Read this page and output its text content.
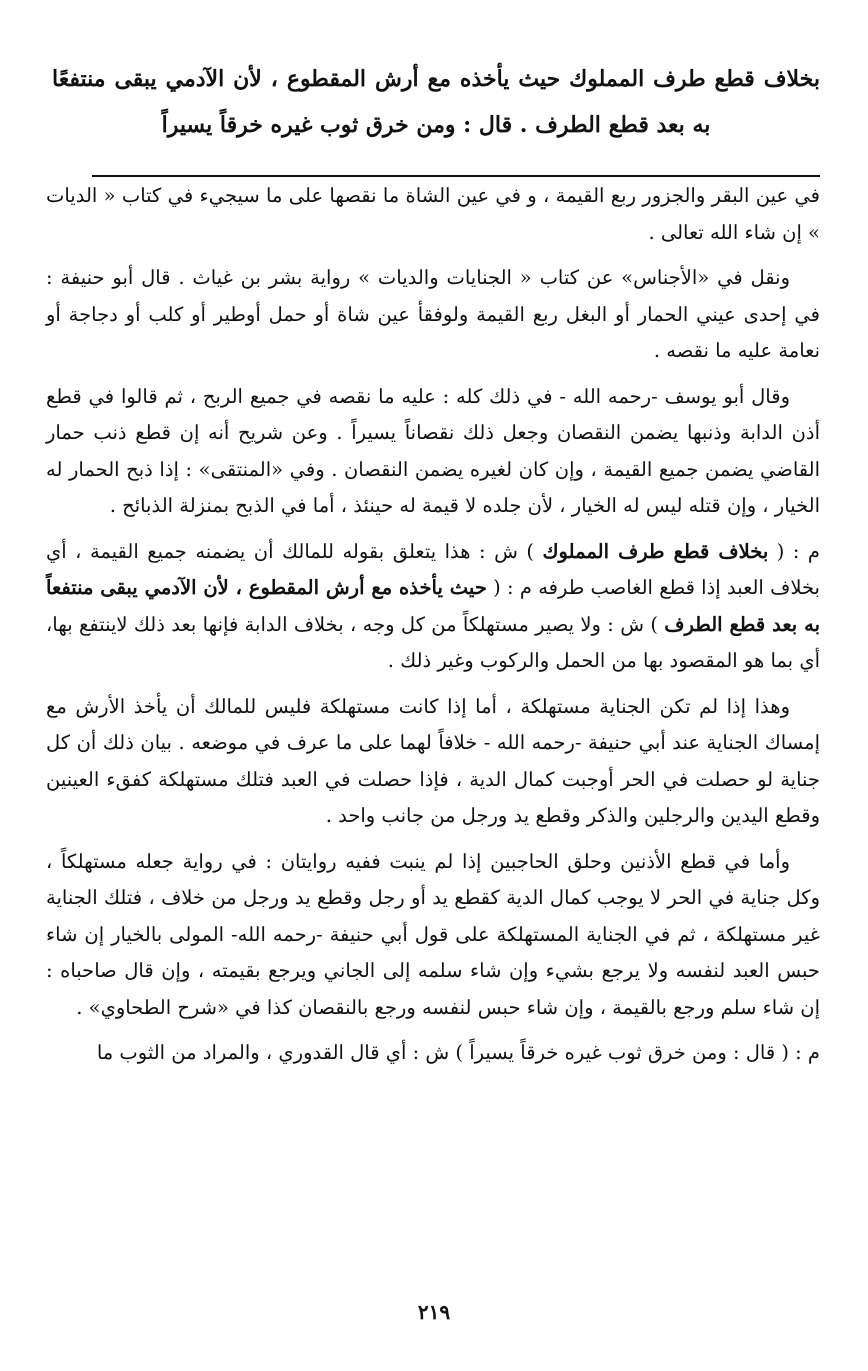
بخلاف قطع طرف المملوك حيث يأخذه مع أرش المقطوع ، لأن الآدمي يبقى منتفعًا به بعد قطع الطرف . قال : ومن خرق ثوب غيره خرقاً يسيراً

في عين البقر والجزور ربع القيمة ، و في عين الشاة ما نقصها على ما سيجيء في كتاب « الديات » إن شاء الله تعالى .

ونقل في «الأجناس» عن كتاب « الجنايات والديات » رواية بشر بن غياث . قال أبو حنيفة : في إحدى عيني الحمار أو البغل ربع القيمة ولوفقأ عين شاة أو حمل أوطير أو كلب أو دجاجة أو نعامة عليه ما نقصه .

وقال أبو يوسف -رحمه الله - في ذلك كله : عليه ما نقصه في جميع الربح ، ثم قالوا في قطع أذن الدابة وذنبها يضمن النقصان وجعل ذلك نقصاناً يسيراً . وعن شريح أنه إن قطع ذنب حمار القاضي يضمن جميع القيمة ، وإن كان لغيره يضمن النقصان . وفي «المنتقى» : إذا ذبح الحمار له الخيار ، وإن قتله ليس له الخيار ، لأن جلده لا قيمة له حينئذ ، أما في الذبح بمنزلة الذبائح .

م : ( بخلاف قطع طرف المملوك ) ش : هذا يتعلق بقوله للمالك أن يضمنه جميع القيمة ، أي بخلاف العبد إذا قطع الغاصب طرفه م : ( حيث يأخذه مع أرش المقطوع ، لأن الآدمي يبقى منتفعاً به بعد قطع الطرف ) ش : ولا يصير مستهلكاً من كل وجه ، بخلاف الدابة فإنها بعد ذلك لاينتفع بها، أي بما هو المقصود بها من الحمل والركوب وغير ذلك .

وهذا إذا لم تكن الجناية مستهلكة ، أما إذا كانت مستهلكة فليس للمالك أن يأخذ الأرش مع إمساك الجناية عند أبي حنيفة -رحمه الله - خلافاً لهما على ما عرف في موضعه . بيان ذلك أن كل جناية لو حصلت في الحر أوجبت كمال الدية ، فإذا حصلت في العبد فتلك مستهلكة كفقء العينين وقطع اليدين والرجلين والذكر وقطع يد ورجل من جانب واحد .

وأما في قطع الأذنين وحلق الحاجبين إذا لم ينبت ففيه روايتان : في رواية جعله مستهلكاً ، وكل جناية في الحر لا يوجب كمال الدية كقطع يد أو رجل وقطع يد ورجل من خلاف ، فتلك الجناية غير مستهلكة ، ثم في الجناية المستهلكة على قول أبي حنيفة -رحمه الله- المولى بالخيار إن شاء حبس العبد لنفسه ولا يرجع بشيء وإن شاء سلمه إلى الجاني ويرجع بقيمته ، وإن قال صاحباه : إن شاء سلم ورجع بالقيمة ، وإن شاء حبس لنفسه ورجع بالنقصان كذا في «شرح الطحاوي» .

م : ( قال : ومن خرق ثوب غيره خرقاً يسيراً ) ش : أي قال القدوري ، والمراد من الثوب ما

٢١٩
